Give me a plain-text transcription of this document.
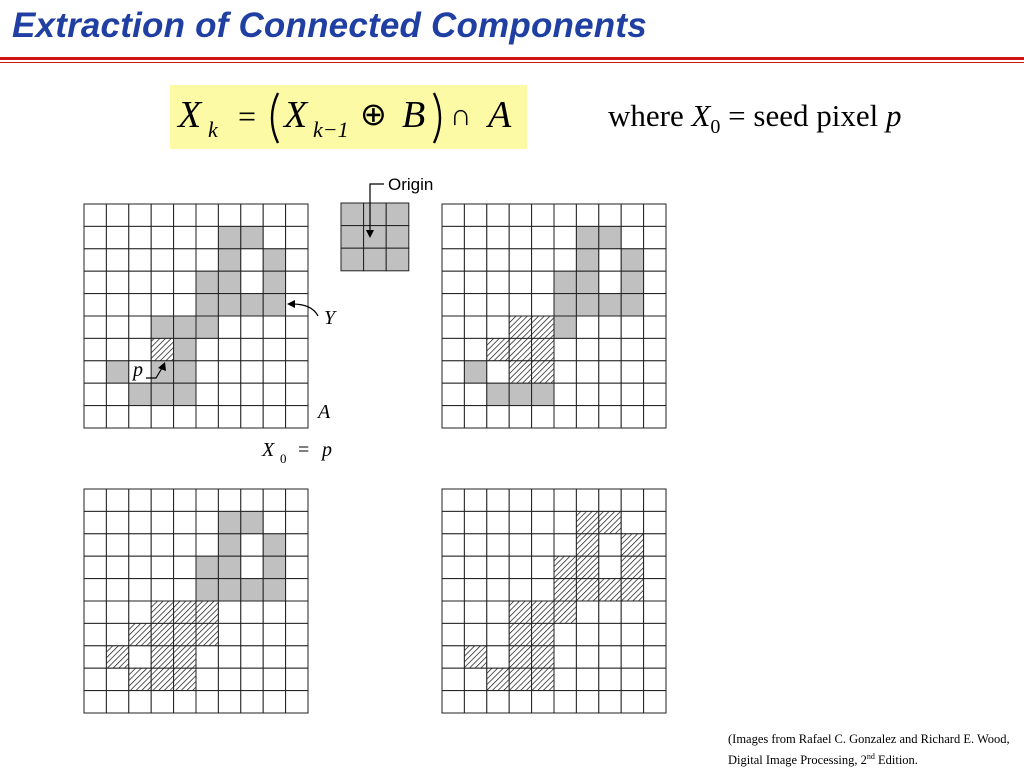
Extraction of Connected Components
X k = X k−1 ⊕ B ∩ A	where $X_0$ = seed pixel p
Origin
Y
p
A
X 0 = p
(Images from Rafael C. Gonzalez and Richard E. Wood, Digital Image Processing, 2nd Edition.
